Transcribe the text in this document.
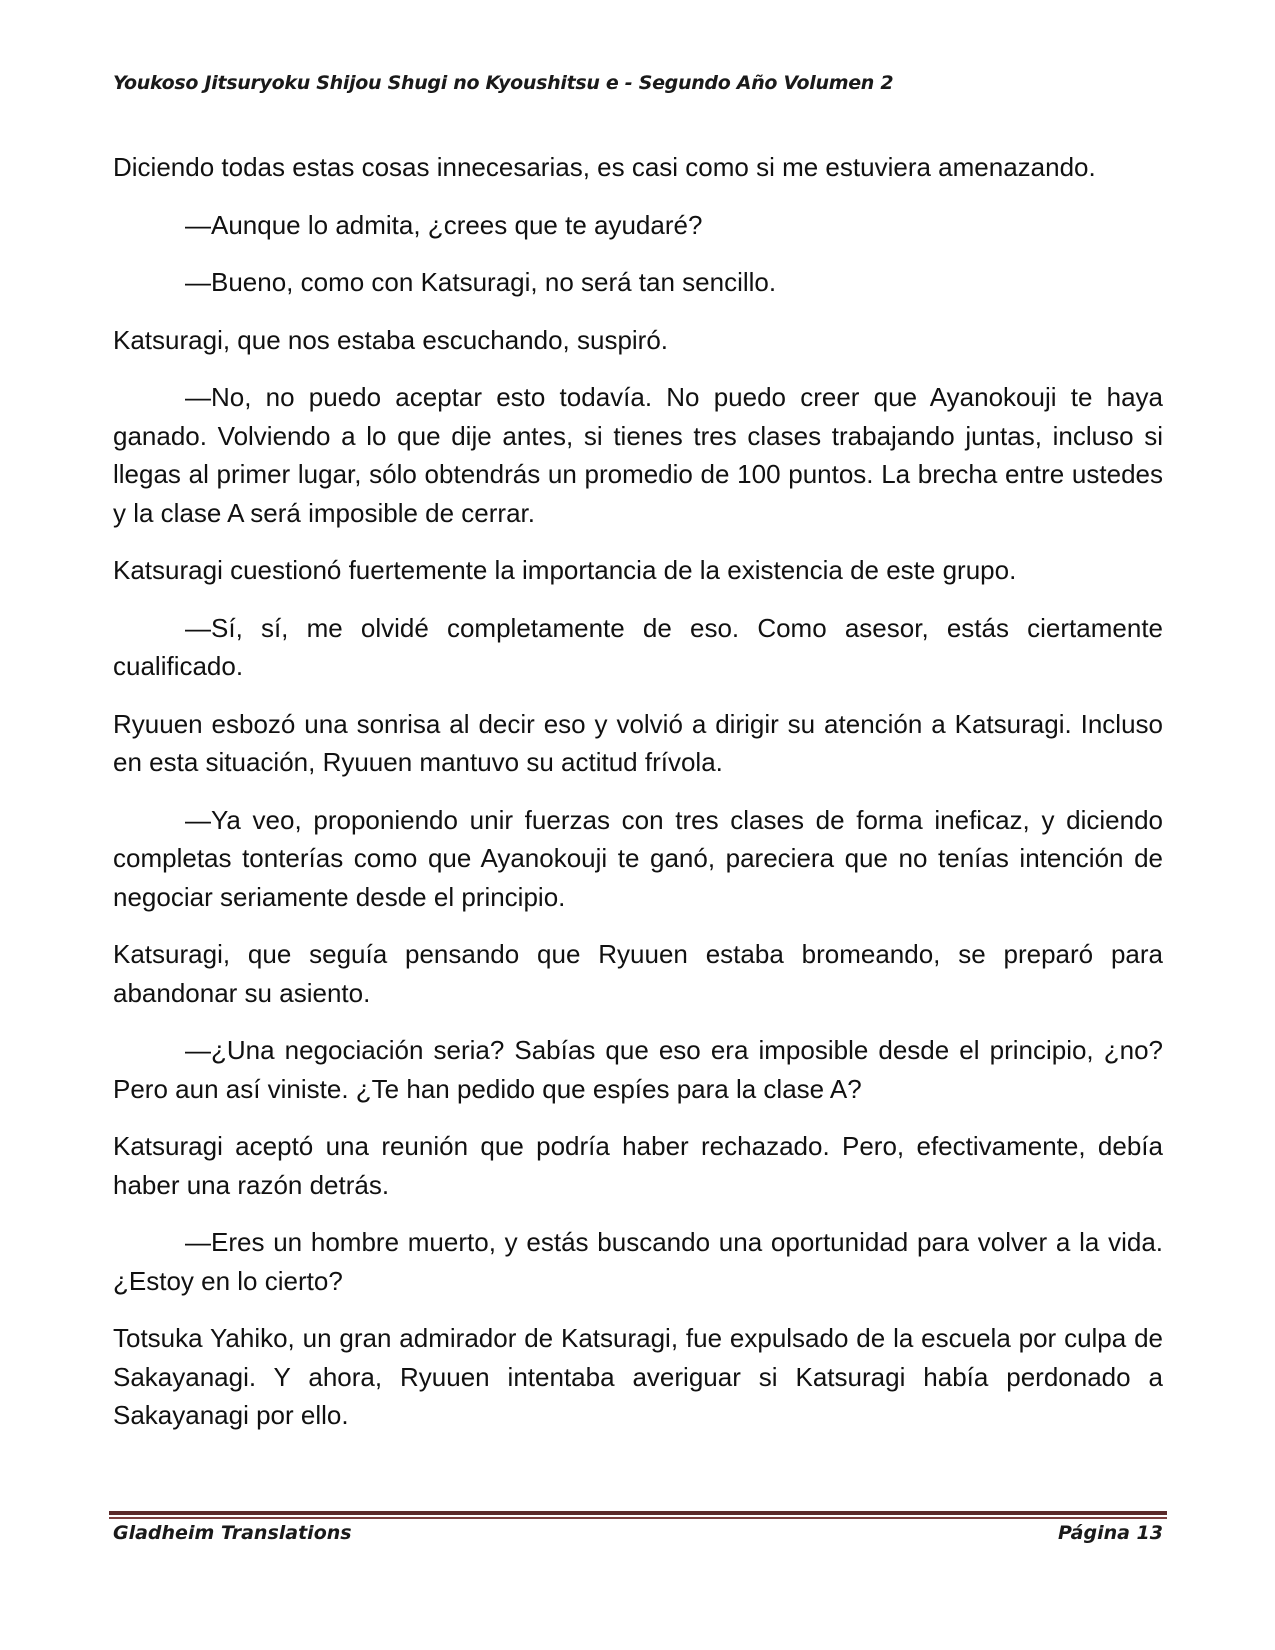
Youkoso Jitsuryoku Shijou Shugi no Kyoushitsu e - Segundo Año Volumen 2

Diciendo todas estas cosas innecesarias, es casi como si me estuviera amenazando.

—Aunque lo admita, ¿crees que te ayudaré?

—Bueno, como con Katsuragi, no será tan sencillo.

Katsuragi, que nos estaba escuchando, suspiró.

—No, no puedo aceptar esto todavía. No puedo creer que Ayanokouji te haya ganado. Volviendo a lo que dije antes, si tienes tres clases trabajando juntas, incluso si llegas al primer lugar, sólo obtendrás un promedio de 100 puntos. La brecha entre ustedes y la clase A será imposible de cerrar.

Katsuragi cuestionó fuertemente la importancia de la existencia de este grupo.

—Sí, sí, me olvidé completamente de eso. Como asesor, estás ciertamente cualificado.

Ryuuen esbozó una sonrisa al decir eso y volvió a dirigir su atención a Katsuragi. Incluso en esta situación, Ryuuen mantuvo su actitud frívola.

—Ya veo, proponiendo unir fuerzas con tres clases de forma ineficaz, y diciendo completas tonterías como que Ayanokouji te ganó, pareciera que no tenías intención de negociar seriamente desde el principio.

Katsuragi, que seguía pensando que Ryuuen estaba bromeando, se preparó para abandonar su asiento.

—¿Una negociación seria? Sabías que eso era imposible desde el principio, ¿no? Pero aun así viniste. ¿Te han pedido que espíes para la clase A?

Katsuragi aceptó una reunión que podría haber rechazado. Pero, efectivamente, debía haber una razón detrás.

—Eres un hombre muerto, y estás buscando una oportunidad para volver a la vida. ¿Estoy en lo cierto?

Totsuka Yahiko, un gran admirador de Katsuragi, fue expulsado de la escuela por culpa de Sakayanagi. Y ahora, Ryuuen intentaba averiguar si Katsuragi había perdonado a Sakayanagi por ello.

Gladheim Translations	Página 13
